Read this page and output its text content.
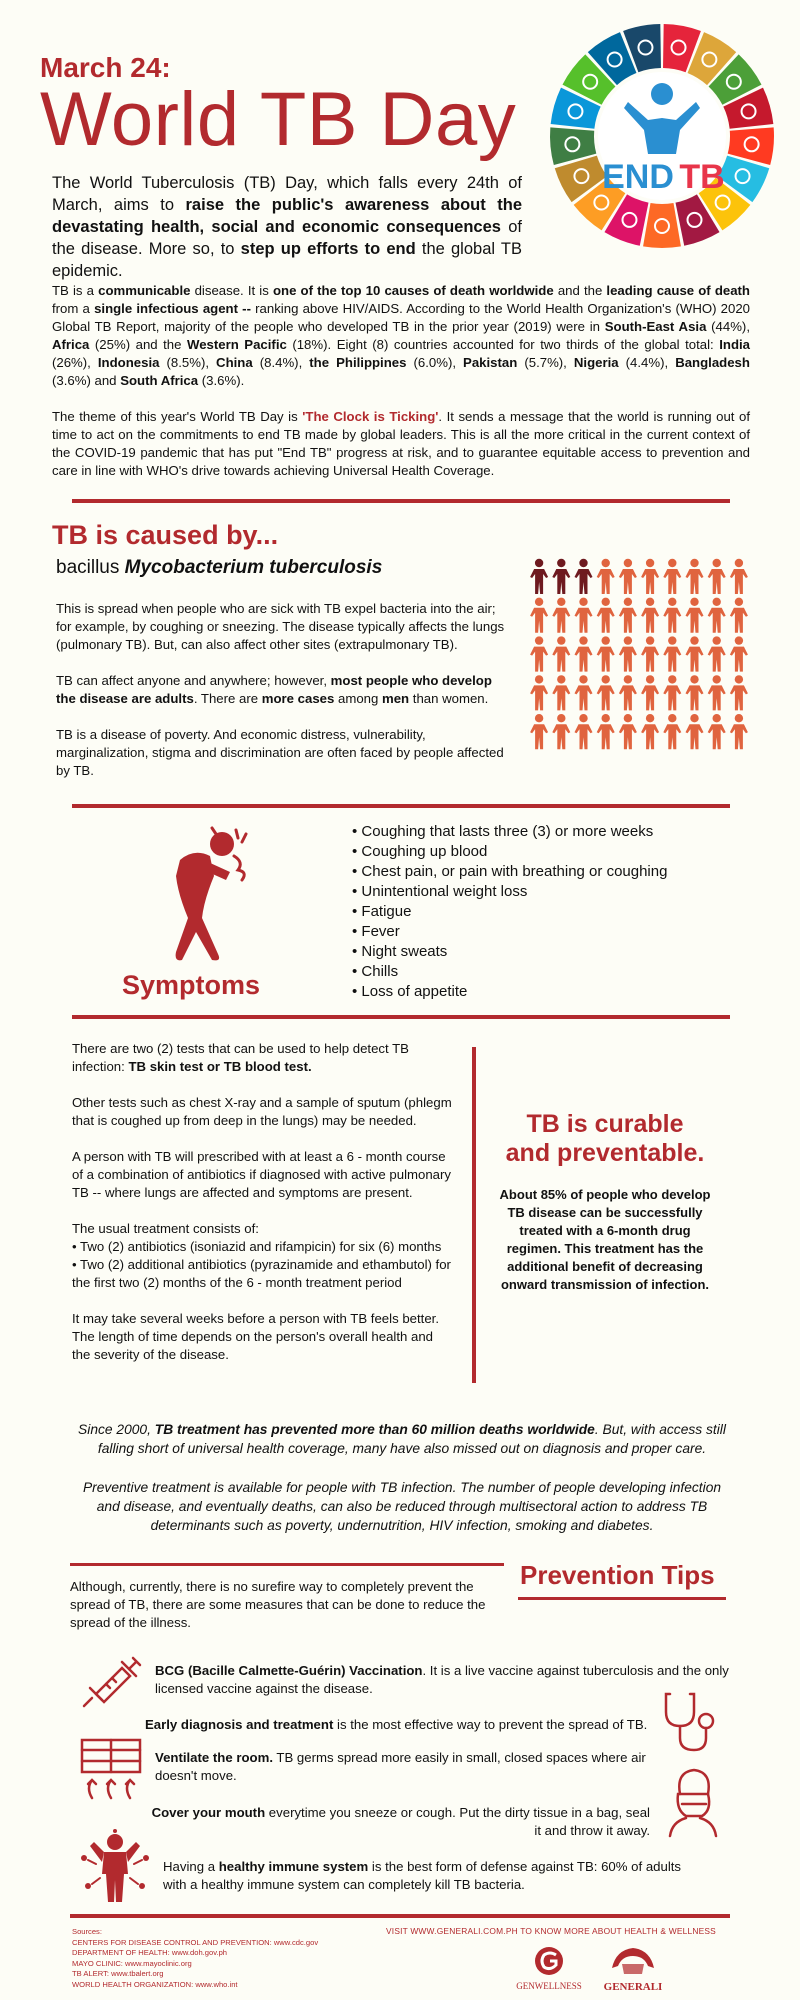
March 24:
World TB Day
The World Tuberculosis (TB) Day, which falls every 24th of March, aims to raise the public's awareness about the devastating health, social and economic consequences of the disease. More so, to step up efforts to end the global TB epidemic.
END TB
TB is a communicable disease. It is one of the top 10 causes of death worldwide and the leading cause of death from a single infectious agent -- ranking above HIV/AIDS. According to the World Health Organization's (WHO) 2020 Global TB Report, majority of the people who developed TB in the prior year (2019) were in South-East Asia (44%), Africa (25%) and the Western Pacific (18%). Eight (8) countries accounted for two thirds of the global total: India (26%), Indonesia (8.5%), China (8.4%), the Philippines (6.0%), Pakistan (5.7%), Nigeria (4.4%), Bangladesh (3.6%) and South Africa (3.6%).
The theme of this year's World TB Day is 'The Clock is Ticking'. It sends a message that the world is running out of time to act on the commitments to end TB made by global leaders. This is all the more critical in the current context of the COVID-19 pandemic that has put "End TB" progress at risk, and to guarantee equitable access to prevention and care in line with WHO's drive towards achieving Universal Health Coverage.
TB is caused by...
bacillus Mycobacterium tuberculosis

This is spread when people who are sick with TB expel bacteria into the air; for example, by coughing or sneezing. The disease typically affects the lungs (pulmonary TB). But, can also affect other sites (extrapulmonary TB).

TB can affect anyone and anywhere; however, most people who develop the disease are adults. There are more cases among men than women.

TB is a disease of poverty. And economic distress, vulnerability, marginalization, stigma and discrimination are often faced by people affected by TB.

Symptoms
• Coughing that lasts three (3) or more weeks
• Coughing up blood
• Chest pain, or pain with breathing or coughing
• Unintentional weight loss
• Fatigue
• Fever
• Night sweats
• Chills
• Loss of appetite

There are two (2) tests that can be used to help detect TB infection: TB skin test or TB blood test.

Other tests such as chest X-ray and a sample of sputum (phlegm that is coughed up from deep in the lungs) may be needed.

A person with TB will prescribed with at least a 6 - month course of a combination of antibiotics if diagnosed with active pulmonary TB -- where lungs are affected and symptoms are present.

The usual treatment consists of:
• Two (2) antibiotics (isoniazid and rifampicin) for six (6) months
• Two (2) additional antibiotics (pyrazinamide and ethambutol) for the first two (2) months of the 6 - month treatment period

It may take several weeks before a person with TB feels better. The length of time depends on the person's overall health and the severity of the disease.

TB is curable
and preventable.
About 85% of people who develop TB disease can be successfully treated with a 6-month drug regimen. This treatment has the additional benefit of decreasing onward transmission of infection.
Since 2000, TB treatment has prevented more than 60 million deaths worldwide. But, with access still falling short of universal health coverage, many have also missed out on diagnosis and proper care.
Preventive treatment is available for people with TB infection. The number of people developing infection and disease, and eventually deaths, can also be reduced through multisectoral action to address TB determinants such as poverty, undernutrition, HIV infection, smoking and diabetes.
Prevention Tips
Although, currently, there is no surefire way to completely prevent the spread of TB, there are some measures that can be done to reduce the spread of the illness.
BCG (Bacille Calmette-Guérin) Vaccination. It is a live vaccine against tuberculosis and the only licensed vaccine against the disease.
Early diagnosis and treatment is the most effective way to prevent the spread of TB.
Ventilate the room. TB germs spread more easily in small, closed spaces where air doesn't move.
Cover your mouth everytime you sneeze or cough. Put the dirty tissue in a bag, seal it and throw it away.
Having a healthy immune system is the best form of defense against TB: 60% of adults with a healthy immune system can completely kill TB bacteria.
Sources:
CENTERS FOR DISEASE CONTROL AND PREVENTION: www.cdc.gov
DEPARTMENT OF HEALTH: www.doh.gov.ph
MAYO CLINIC: www.mayoclinic.org
TB ALERT: www.tbalert.org
WORLD HEALTH ORGANIZATION: www.who.int
VISIT WWW.GENERALI.COM.PH TO KNOW MORE ABOUT HEALTH & WELLNESS
GENWELLNESS GENERALI
